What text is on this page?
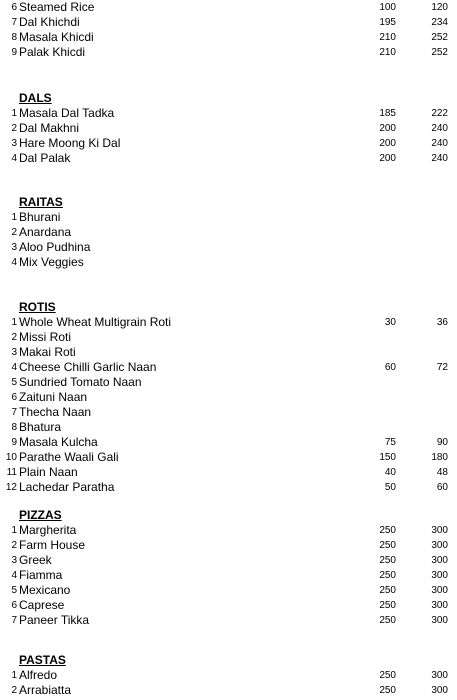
6 Steamed Rice	100	120
7 Dal Khichdi	195	234
8 Masala Khicdi	210	252
9 Palak Khicdi	210	252
DALS
1 Masala Dal Tadka	185	222
2 Dal Makhni	200	240
3 Hare Moong Ki Dal	200	240
4 Dal Palak	200	240
RAITAS
1 Bhurani
2 Anardana
3 Aloo Pudhina
4 Mix Veggies
ROTIS
1 Whole Wheat Multigrain Roti	30	36
2 Missi Roti
3 Makai Roti
4 Cheese Chilli Garlic Naan	60	72
5 Sundried Tomato Naan
6 Zaituni Naan
7 Thecha Naan
8 Bhatura
9 Masala Kulcha	75	90
10 Parathe Waali Gali	150	180
11 Plain Naan	40	48
12 Lachedar Paratha	50	60
PIZZAS
1 Margherita	250	300
2 Farm House	250	300
3 Greek	250	300
4 Fiamma	250	300
5 Mexicano	250	300
6 Caprese	250	300
7 Paneer Tikka	250	300
PASTAS
1 Alfredo	250	300
2 Arrabiatta	250	300
